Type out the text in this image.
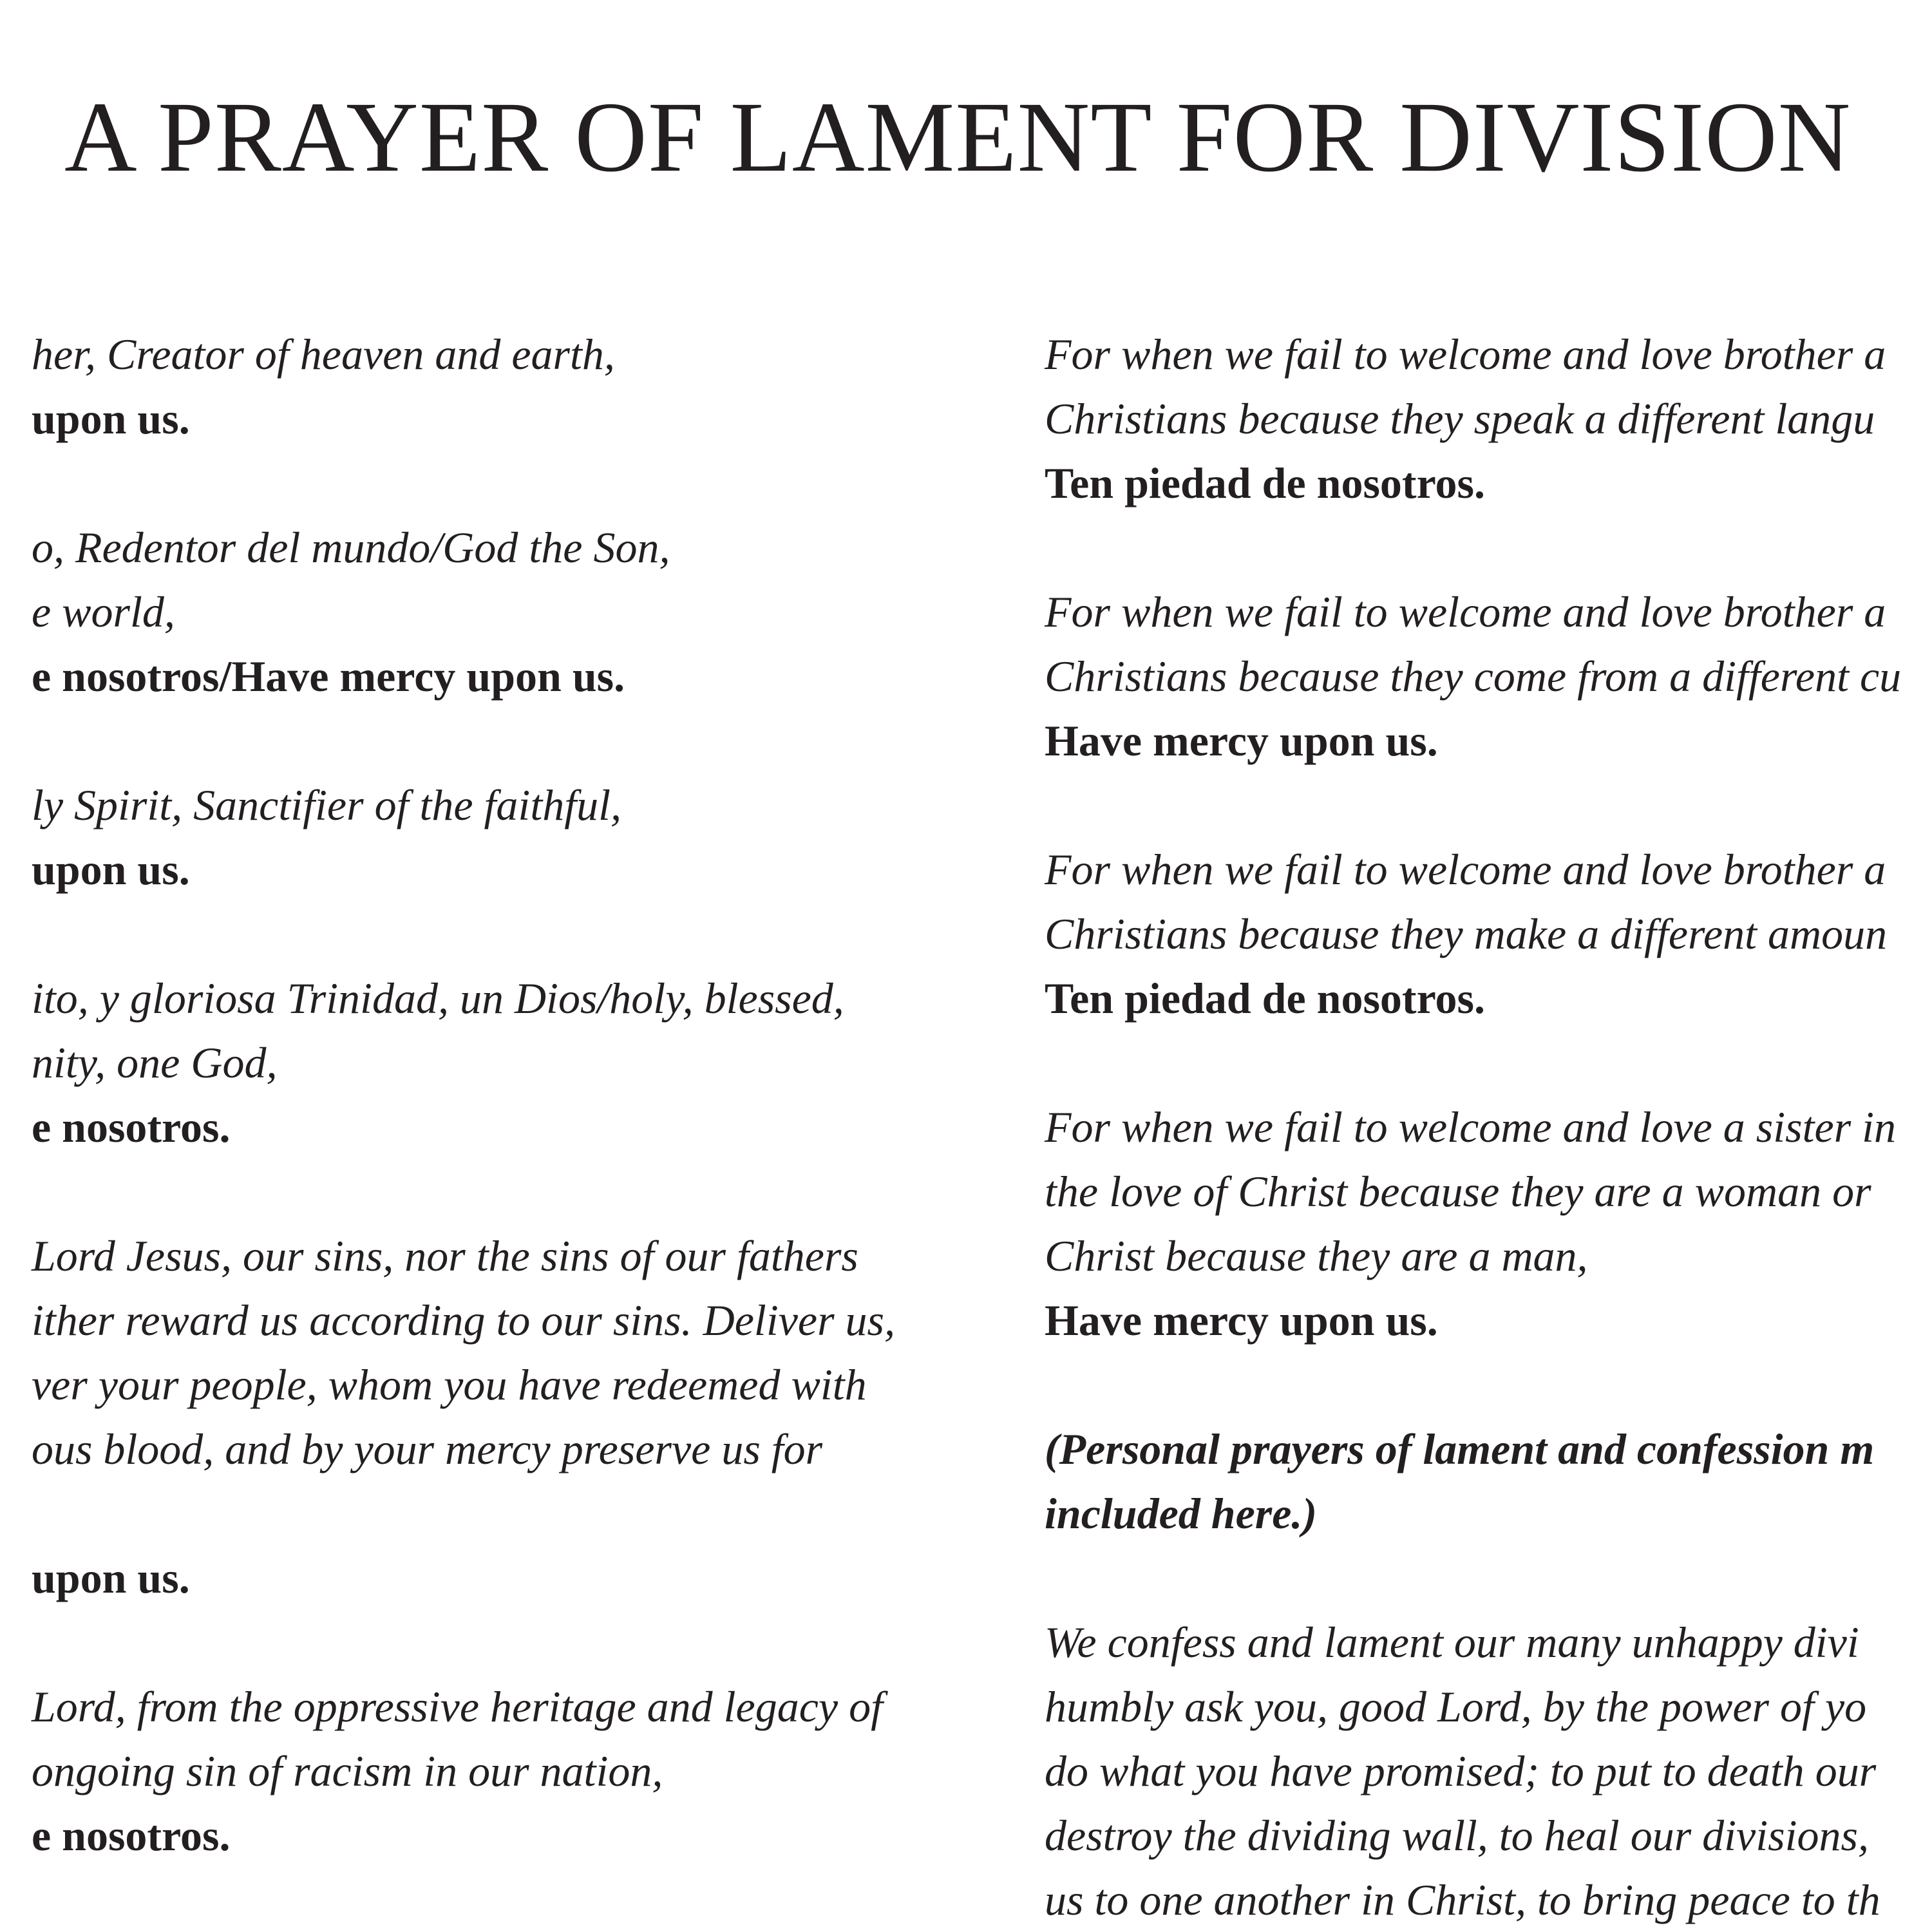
A PRAYER OF LAMENT FOR DIVISION
her, Creator of heaven and earth,
upon us.
o, Redentor del mundo/God the Son,
e world,
e nosotros/Have mercy upon us.
ly Spirit, Sanctifier of the faithful,
upon us.
ito, y gloriosa Trinidad, un Dios/holy, blessed,
nity, one God,
e nosotros.
Lord Jesus, our sins, nor the sins of our fathers
ither reward us according to our sins. Deliver us,
ver your people, whom you have redeemed with
ous blood, and by your mercy preserve us for
upon us.
Lord, from the oppressive heritage and legacy of
ongoing sin of racism in our nation,
e nosotros.
For when we fail to welcome and love brother a
Christians because they speak a different langu
Ten piedad de nosotros.
For when we fail to welcome and love brother a
Christians because they come from a different cu
Have mercy upon us.
For when we fail to welcome and love brother a
Christians because they make a different amoun
Ten piedad de nosotros.
For when we fail to welcome and love a sister in
the love of Christ because they are a woman or
Christ because they are a man,
Have mercy upon us.
(Personal prayers of lament and confession m
included here.)
We confess and lament our many unhappy divi
humbly ask you, good Lord, by the power of yo
do what you have promised; to put to death our
destroy the dividing wall, to heal our divisions,
us to one another in Christ, to bring peace to th
